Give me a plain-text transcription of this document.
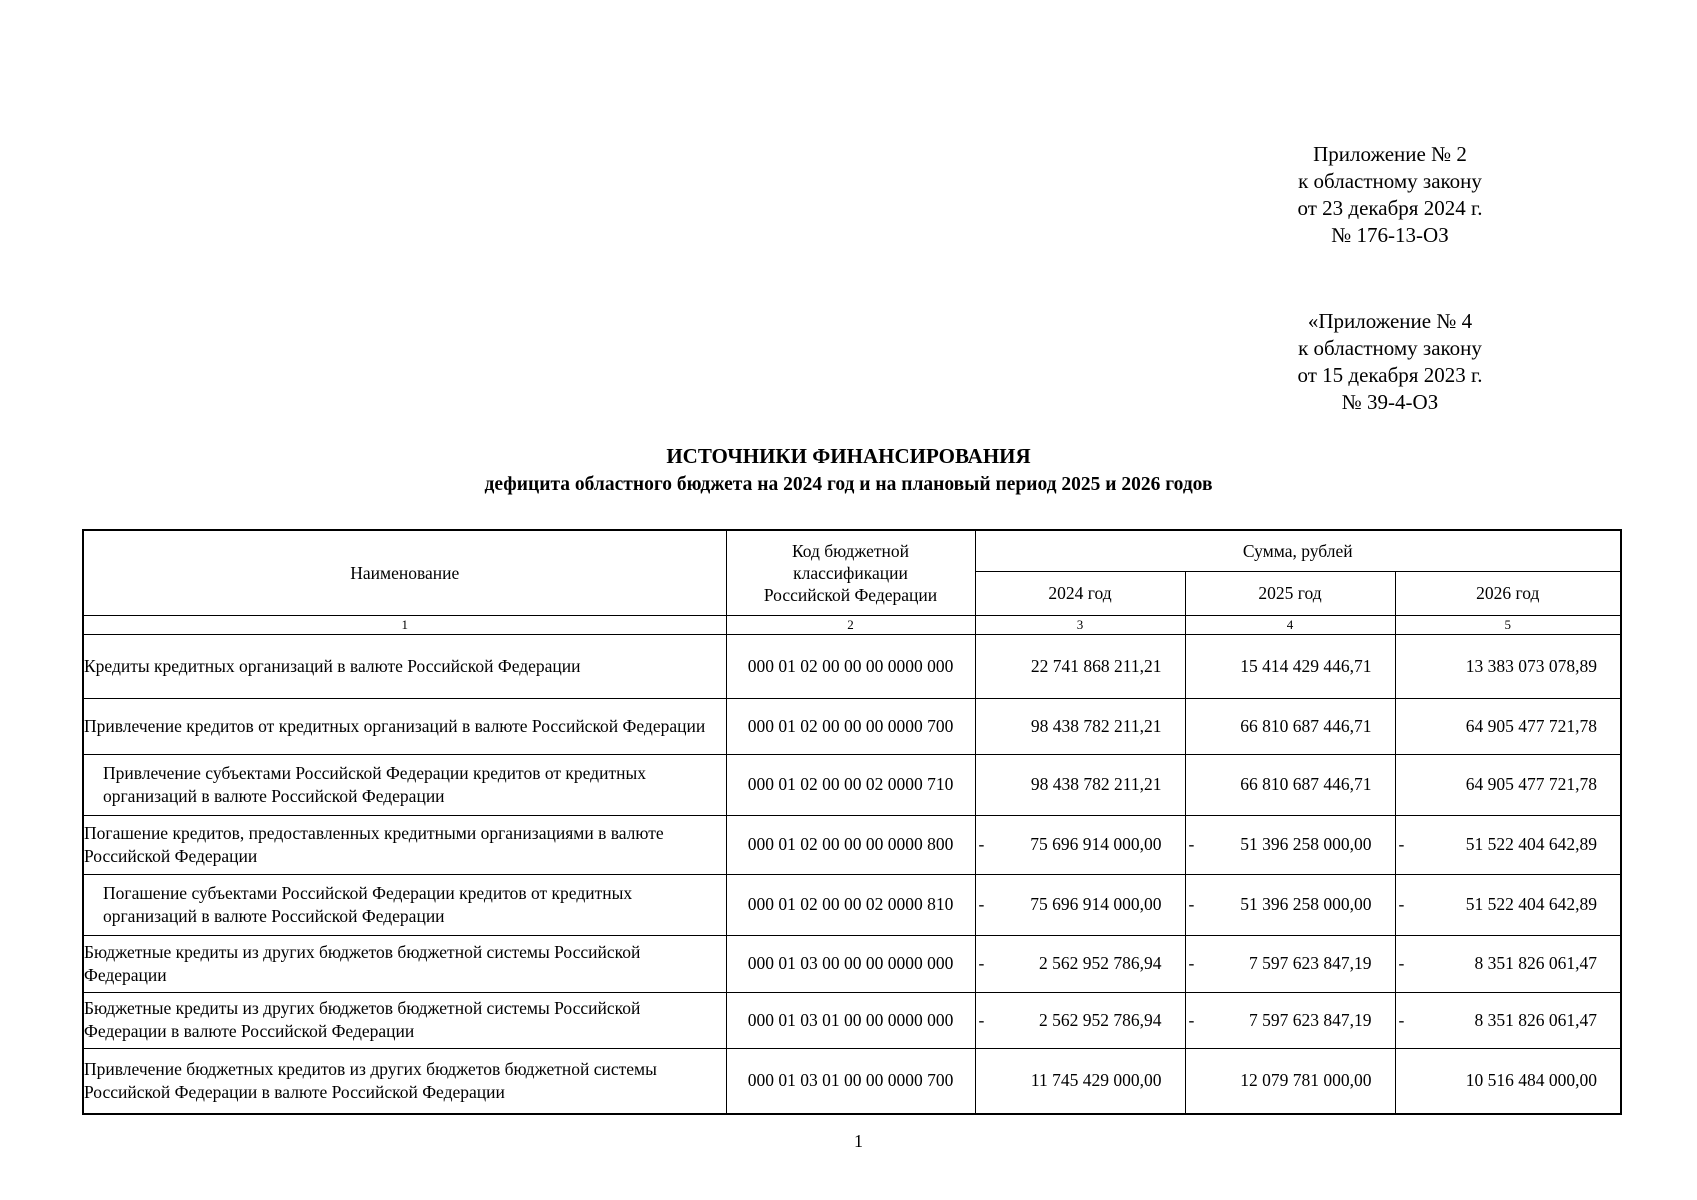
Приложение № 2
к областному закону
от 23 декабря 2024 г.
№ 176-13-ОЗ
«Приложение № 4
к областному закону
от 15 декабря 2023 г.
№ 39-4-ОЗ
ИСТОЧНИКИ ФИНАНСИРОВАНИЯ
дефицита областного бюджета на 2024 год и на плановый период 2025 и 2026 годов
Наименование	Код бюджетной классификации Российской Федерации	Сумма, рублей		
		2024 год	2025 год	2026 год
1	2	3	4	5
Кредиты кредитных организаций в валюте Российской Федерации	000 01 02 00 00 00 0000 000	22 741 868 211,21	15 414 429 446,71	13 383 073 078,89

Привлечение кредитов от кредитных организаций в валюте Российской Федерации	000 01 02 00 00 00 0000 700	98 438 782 211,21	66 810 687 446,71	64 905 477 721,78

Привлечение субъектами Российской Федерации кредитов от кредитных организаций в валюте Российской Федерации	000 01 02 00 00 02 0000 710	98 438 782 211,21	66 810 687 446,71	64 905 477 721,78

Погашение кредитов, предоставленных кредитными организациями в валюте Российской Федерации	000 01 02 00 00 00 0000 800	- 75 696 914 000,00	- 51 396 258 000,00	- 51 522 404 642,89

Погашение субъектами Российской Федерации кредитов от кредитных организаций в валюте Российской Федерации	000 01 02 00 00 02 0000 810	- 75 696 914 000,00	- 51 396 258 000,00	- 51 522 404 642,89

Бюджетные кредиты из других бюджетов бюджетной системы Российской Федерации	000 01 03 00 00 00 0000 000	- 2 562 952 786,94	- 7 597 623 847,19	- 8 351 826 061,47

Бюджетные кредиты из других бюджетов бюджетной системы Российской Федерации в валюте Российской Федерации	000 01 03 01 00 00 0000 000	- 2 562 952 786,94	- 7 597 623 847,19	- 8 351 826 061,47

Привлечение бюджетных кредитов из других бюджетов бюджетной системы Российской Федерации в валюте Российской Федерации	000 01 03 01 00 00 0000 700	11 745 429 000,00	12 079 781 000,00	10 516 484 000,00
1
